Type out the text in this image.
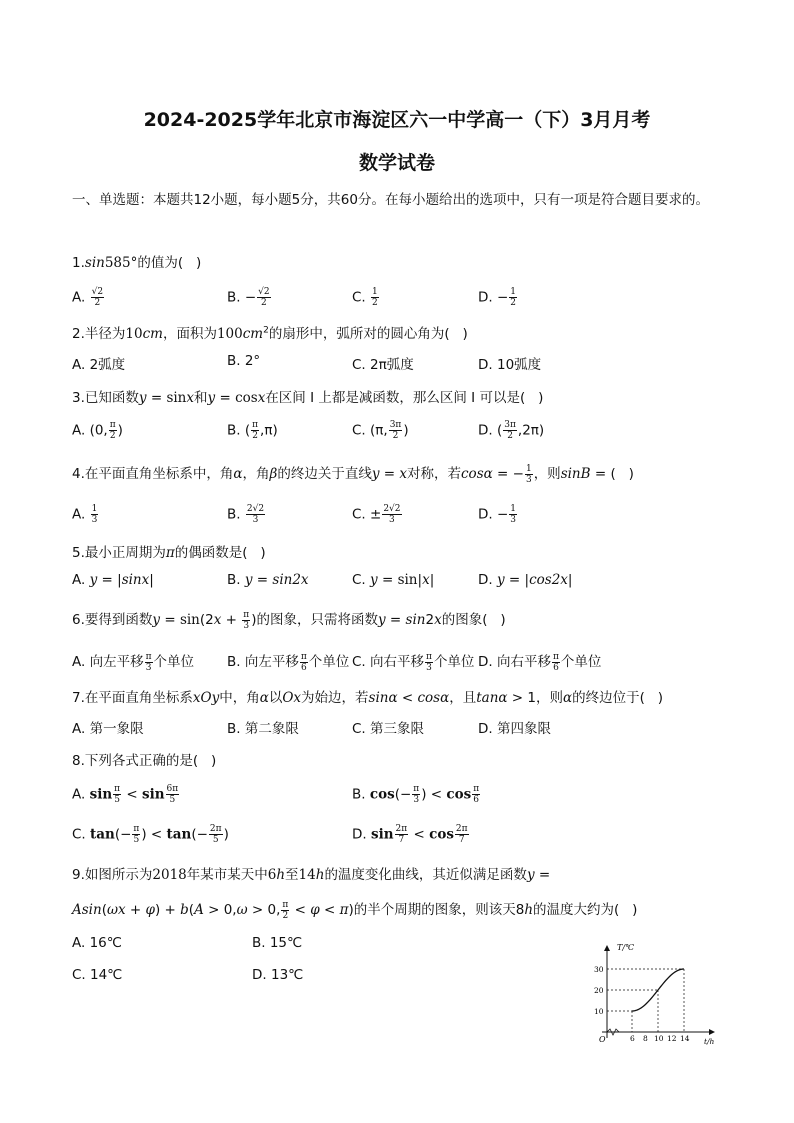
2024-2025学年北京市海淀区六一中学高一（下）3月月考
数学试卷
一、单选题：本题共12小题，每小题5分，共60分。在每小题给出的选项中，只有一项是符合题目要求的。
1.sin585°的值为(   )
A. $\frac{√2}{2}$	B. − $\frac{√2}{2}$	C. $\frac{1}{2}$	D. − $\frac{1}{2}$
2.半径为10cm，面积为$100cm^2$的扇形中，弧所对的圆心角为(   )
A. 2弧度	B. 2°	C. 2π弧度	D. 10弧度
3.已知函数y = sinx和y = cosx在区间 I 上都是减函数，那么区间 I 可以是(   )
A. (0, $\frac{\pi}{2}$ )	B. ( $\frac{\pi}{2} ,\pi$)	C. (π, $\frac{3\pi}{2}$ )	D. ( $\frac{3\pi}{2} ,2\pi$)
4.在平面直角坐标系中，角α，角β的终边关于直线y = x对称，若cosα = − $\frac{1}{3}$ ，则sinB = (   )
A. $\frac{1}{3}$	B. $\frac{2√2}{3}$	C. ± $\frac{2√2}{3}$	D. − $\frac{1}{3}$
5.最小正周期为π的偶函数是(   )
A. y = |sinx|	B. y = sin2x	C. y = sin|x|	D. y = |cos2x|
6.要得到函数$y = \sin(2x + \frac{\pi}{3}$ )的图象，只需将函数y = sin2x的图象(   )
A. 向左平移 $\frac{\pi}{3}$ 个单位 B. 向左平移 $\frac{\pi}{6}$ 个单位 C. 向右平移 $\frac{\pi}{3}$ 个单位 D. 向右平移 $\frac{\pi}{6}$ 个单位
7.在平面直角坐标系xOy中，角α以Ox为始边，若sinα < cosα，且tanα > 1，则α的终边位于(   )
A. 第一象限	B. 第二象限	C. 第三象限	D. 第四象限
8.下列各式正确的是(   )
A. $\sin \frac{\pi}{5} < \sin \frac{6\pi}{5}$	B. $\cos(- \frac{\pi}{3}$ ) < $\cos \frac{\pi}{6}$
C. $\tan(- \frac{\pi}{5}$ ) < $\tan(- \frac{2\pi}{5}$ )	D. $\sin \frac{2\pi}{7} < \cos \frac{2\pi}{7}$
9.如图所示为2018年某市某天中6h至14h的温度变化曲线，其近似满足函数y =
Asin(ωx + φ) + b(A > 0,ω > 0, $\frac{\pi}{2} < \varphi < \pi$)的半个周期的图象，则该天8h的温度大约为(   )
A. 16℃	B. 15℃
C. 14℃	D. 13℃
6 8 10 12 14
10
20
30
T/℃
t/h
O
